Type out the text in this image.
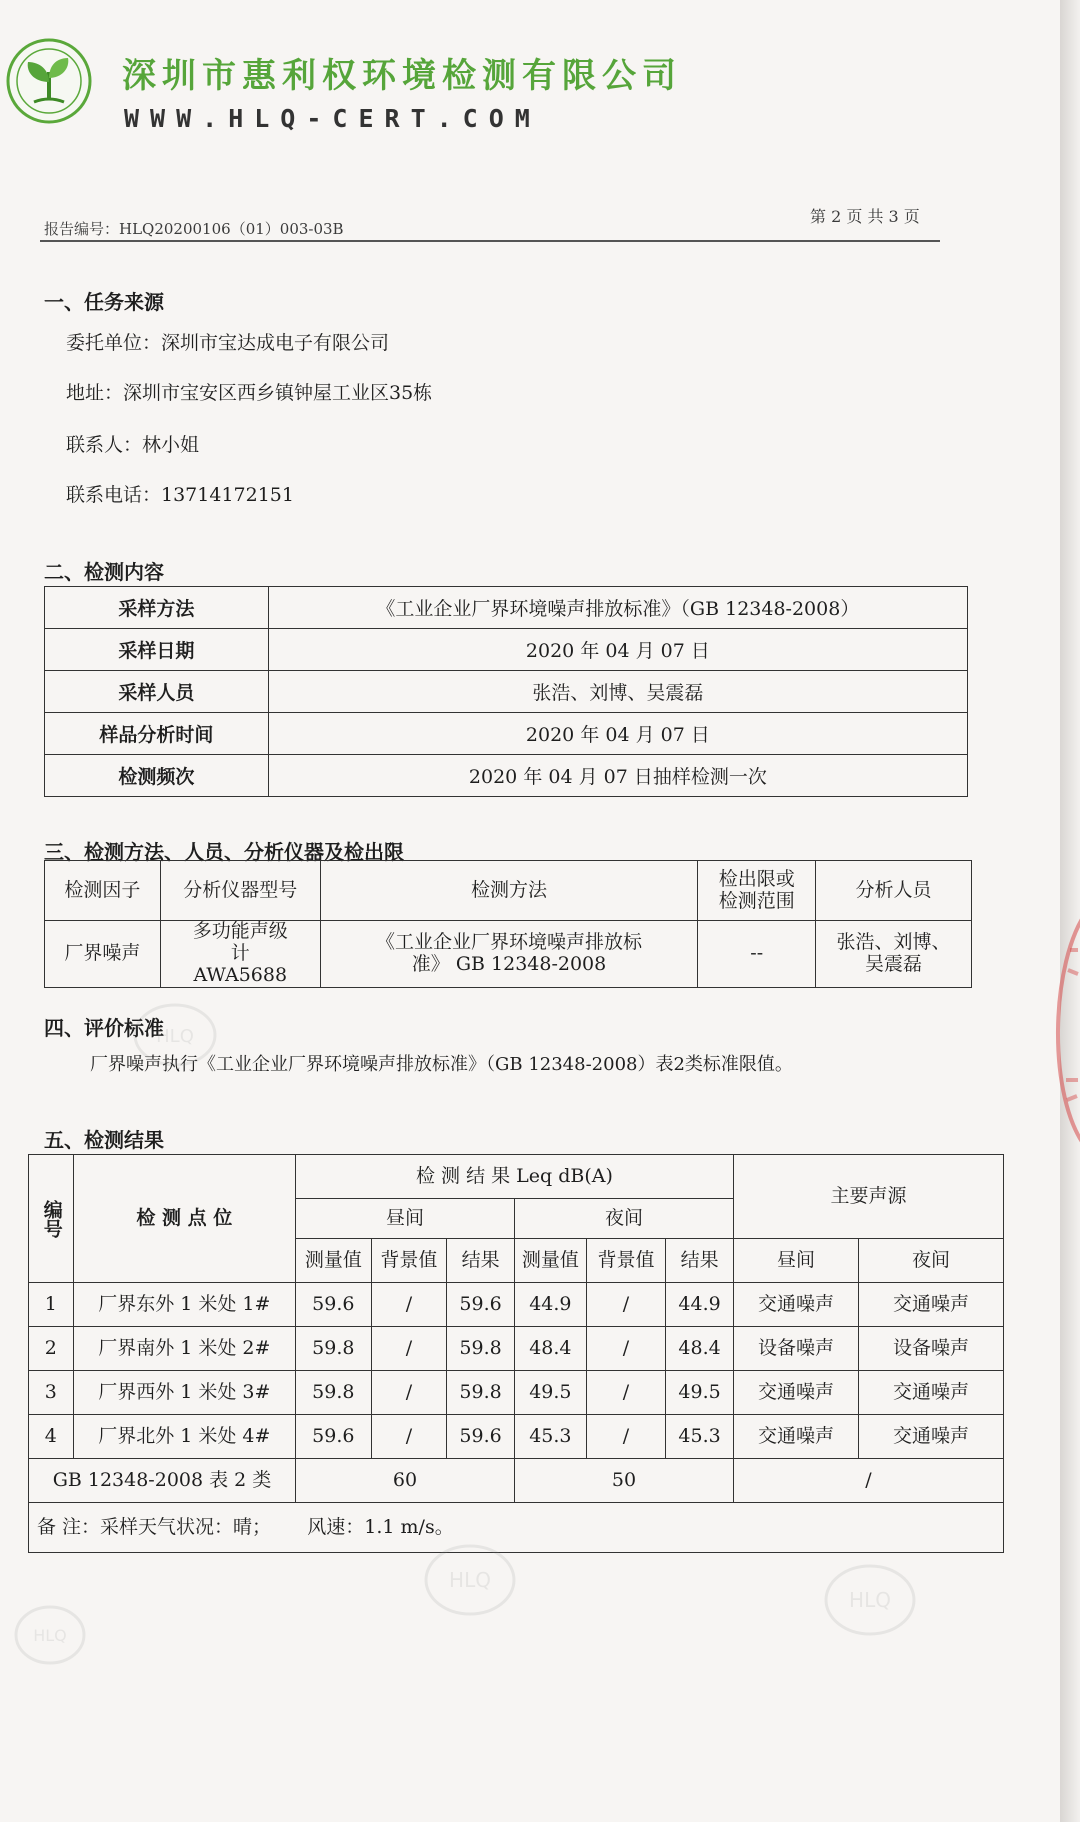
深圳市惠利权环境检测有限公司
WWW.HLQ-CERT.COM
报告编号：HLQ20200106（01）003-03B
第 2 页 共 3 页
一、任务来源
委托单位：深圳市宝达成电子有限公司
地址：深圳市宝安区西乡镇钟屋工业区35栋
联系人：林小姐
联系电话：13714172151
二、检测内容
采样方法	《工业企业厂界环境噪声排放标准》（GB 12348-2008）
采样日期	2020 年 04 月 07 日
采样人员	张浩、刘博、吴震磊
样品分析时间	2020 年 04 月 07 日
检测频次	2020 年 04 月 07 日抽样检测一次
三、检测方法、人员、分析仪器及检出限
检测因子	分析仪器型号	检测方法	检出限或检测范围	分析人员
厂界噪声	多功能声级计 AWA5688	《工业企业厂界环境噪声排放标准》 GB 12348-2008	--	张浩、刘博、吴震磊
四、评价标准
厂界噪声执行《工业企业厂界环境噪声排放标准》（GB 12348-2008）表2类标准限值。
五、检测结果
编号	检 测 点 位	检 测 结 果 Leq dB(A)						主要声源	
		昼间			夜间				
		测量值	背景值	结果	测量值	背景值	结果	昼间	夜间
1	厂界东外 1 米处 1#	59.6	/	59.6	44.9	/	44.9	交通噪声	交通噪声
2	厂界南外 1 米处 2#	59.8	/	59.8	48.4	/	48.4	设备噪声	设备噪声
3	厂界西外 1 米处 3#	59.8	/	59.8	49.5	/	49.5	交通噪声	交通噪声
4	厂界北外 1 米处 4#	59.6	/	59.6	45.3	/	45.3	交通噪声	交通噪声
GB 12348-2008 表 2 类		60			50			/	
备 注：采样天气状况：晴；      风速：1.1 m/s。									
HLQ
HLQ
HLQ
HLQ
